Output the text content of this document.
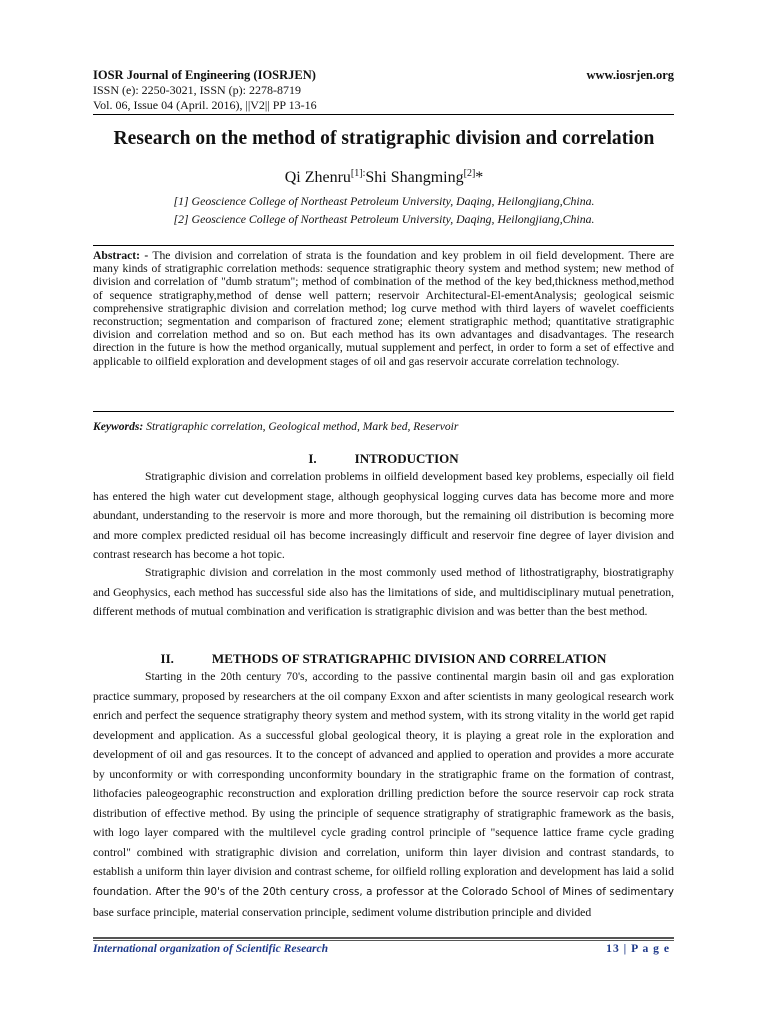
IOSR Journal of Engineering (IOSRJEN)	www.iosrjen.org
ISSN (e): 2250-3021, ISSN (p): 2278-8719
Vol. 06, Issue 04 (April. 2016), ||V2|| PP 13-16
Research on the method of stratigraphic division and correlation
Qi Zhenru$^{[1]:}$Shi Shangming[2]*
[1] Geoscience College of Northeast Petroleum University, Daqing, Heilongjiang,China.
[2] Geoscience College of Northeast Petroleum University, Daqing, Heilongjiang,China.
Abstract: - The division and correlation of strata is the foundation and key problem in oil field development. There are many kinds of stratigraphic correlation methods: sequence stratigraphic theory system and method system; new method of division and correlation of "dumb stratum"; method of combination of the method of the key bed,thickness method,method of sequence stratigraphy,method of dense well pattern; reservoir Architectural-El-ementAnalysis; geological seismic comprehensive stratigraphic division and correlation method; log curve method with third layers of wavelet coefficients reconstruction; segmentation and comparison of fractured zone; element stratigraphic method; quantitative stratigraphic division and correlation method and so on. But each method has its own advantages and disadvantages. The research direction in the future is how the method organically, mutual supplement and perfect, in order to form a set of effective and applicable to oilfield exploration and development stages of oil and gas reservoir accurate correlation technology.
Keywords: Stratigraphic correlation, Geological method, Mark bed, Reservoir
I.	INTRODUCTION
Stratigraphic division and correlation problems in oilfield development based key problems, especially oil field has entered the high water cut development stage, although geophysical logging curves data has become more and more abundant, understanding to the reservoir is more and more thorough, but the remaining oil distribution is becoming more and more complex predicted residual oil has become increasingly difficult and reservoir fine degree of layer division and contrast research has become a hot topic.
Stratigraphic division and correlation in the most commonly used method of lithostratigraphy, biostratigraphy and Geophysics, each method has successful side also has the limitations of side, and multidisciplinary mutual penetration, different methods of mutual combination and verification is stratigraphic division and was better than the best method.
II.	METHODS OF STRATIGRAPHIC DIVISION AND CORRELATION
Starting in the 20th century 70's, according to the passive continental margin basin oil and gas exploration practice summary, proposed by researchers at the oil company Exxon and after scientists in many geological research work enrich and perfect the sequence stratigraphy theory system and method system, with its strong vitality in the world get rapid development and application. As a successful global geological theory, it is playing a great role in the exploration and development of oil and gas resources. It to the concept of advanced and applied to operation and provides a more accurate by unconformity or with corresponding unconformity boundary in the stratigraphic frame on the formation of contrast, lithofacies paleogeographic reconstruction and exploration drilling prediction before the source reservoir cap rock strata distribution of effective method. By using the principle of sequence stratigraphy of stratigraphic framework as the basis, with logo layer compared with the multilevel cycle grading control principle of "sequence lattice frame cycle grading control" combined with stratigraphic division and correlation, uniform thin layer division and contrast standards, to establish a uniform thin layer division and contrast scheme, for oilfield rolling exploration and development has laid a solid foundation. After the 90's of the 20th century cross, a professor at the Colorado School of Mines of sedimentary base surface principle, material conservation principle, sediment volume distribution principle and divided
International organization of Scientific Research	13 | P a g e
